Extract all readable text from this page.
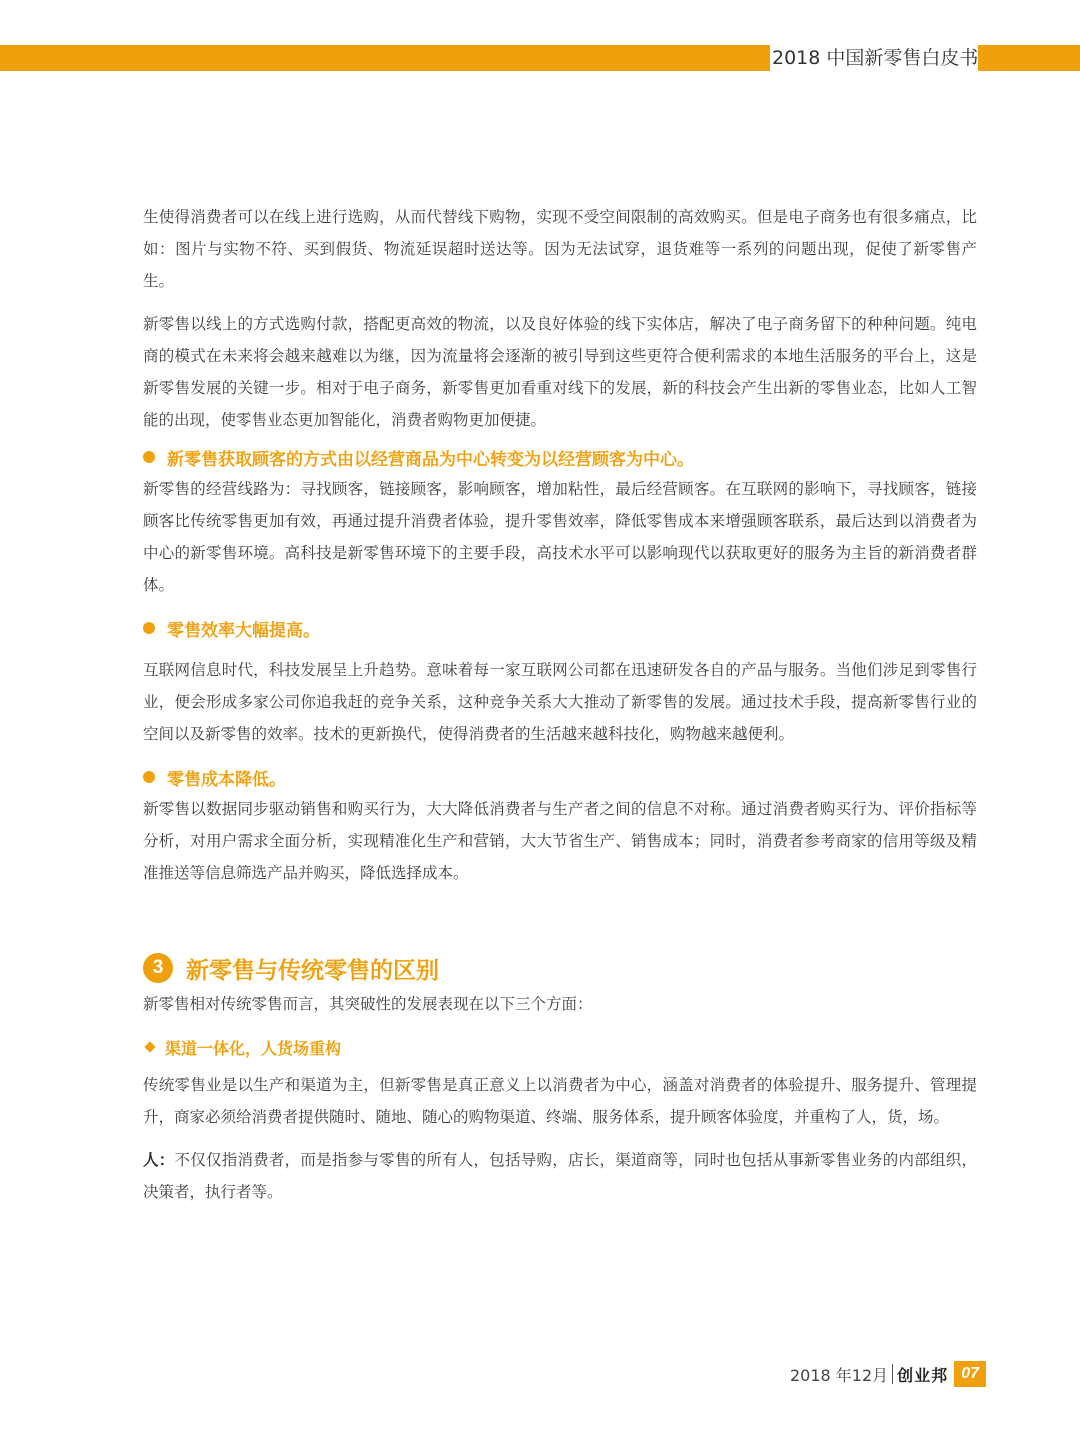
2018 中国新零售白皮书

生使得消费者可以在线上进行选购，从而代替线下购物，实现不受空间限制的高效购买。但是电子商务也有很多痛点，比如：图片与实物不符、买到假货、物流延误超时送达等。因为无法试穿，退货难等一系列的问题出现，促使了新零售产生。

新零售以线上的方式选购付款，搭配更高效的物流，以及良好体验的线下实体店，解决了电子商务留下的种种问题。纯电商的模式在未来将会越来越难以为继，因为流量将会逐渐的被引导到这些更符合便利需求的本地生活服务的平台上，这是新零售发展的关键一步。相对于电子商务，新零售更加看重对线下的发展，新的科技会产生出新的零售业态，比如人工智能的出现，使零售业态更加智能化，消费者购物更加便捷。

新零售获取顾客的方式由以经营商品为中心转变为以经营顾客为中心。

新零售的经营线路为：寻找顾客，链接顾客，影响顾客，增加粘性，最后经营顾客。在互联网的影响下，寻找顾客，链接顾客比传统零售更加有效，再通过提升消费者体验，提升零售效率，降低零售成本来增强顾客联系，最后达到以消费者为中心的新零售环境。高科技是新零售环境下的主要手段，高技术水平可以影响现代以获取更好的服务为主旨的新消费者群体。

零售效率大幅提高。

互联网信息时代，科技发展呈上升趋势。意味着每一家互联网公司都在迅速研发各自的产品与服务。当他们涉足到零售行业，便会形成多家公司你追我赶的竞争关系，这种竞争关系大大推动了新零售的发展。通过技术手段，提高新零售行业的空间以及新零售的效率。技术的更新换代，使得消费者的生活越来越科技化，购物越来越便利。

零售成本降低。

新零售以数据同步驱动销售和购买行为，大大降低消费者与生产者之间的信息不对称。通过消费者购买行为、评价指标等分析，对用户需求全面分析，实现精准化生产和营销，大大节省生产、销售成本；同时，消费者参考商家的信用等级及精准推送等信息筛选产品并购买，降低选择成本。

3 新零售与传统零售的区别

新零售相对传统零售而言，其突破性的发展表现在以下三个方面：

渠道一体化，人货场重构

传统零售业是以生产和渠道为主，但新零售是真正意义上以消费者为中心，涵盖对消费者的体验提升、服务提升、管理提升，商家必须给消费者提供随时、随地、随心的购物渠道、终端、服务体系，提升顾客体验度，并重构了人，货，场。

人：不仅仅指消费者，而是指参与零售的所有人，包括导购，店长，渠道商等，同时也包括从事新零售业务的内部组织，决策者，执行者等。

2018 年12月 创业邦 07
